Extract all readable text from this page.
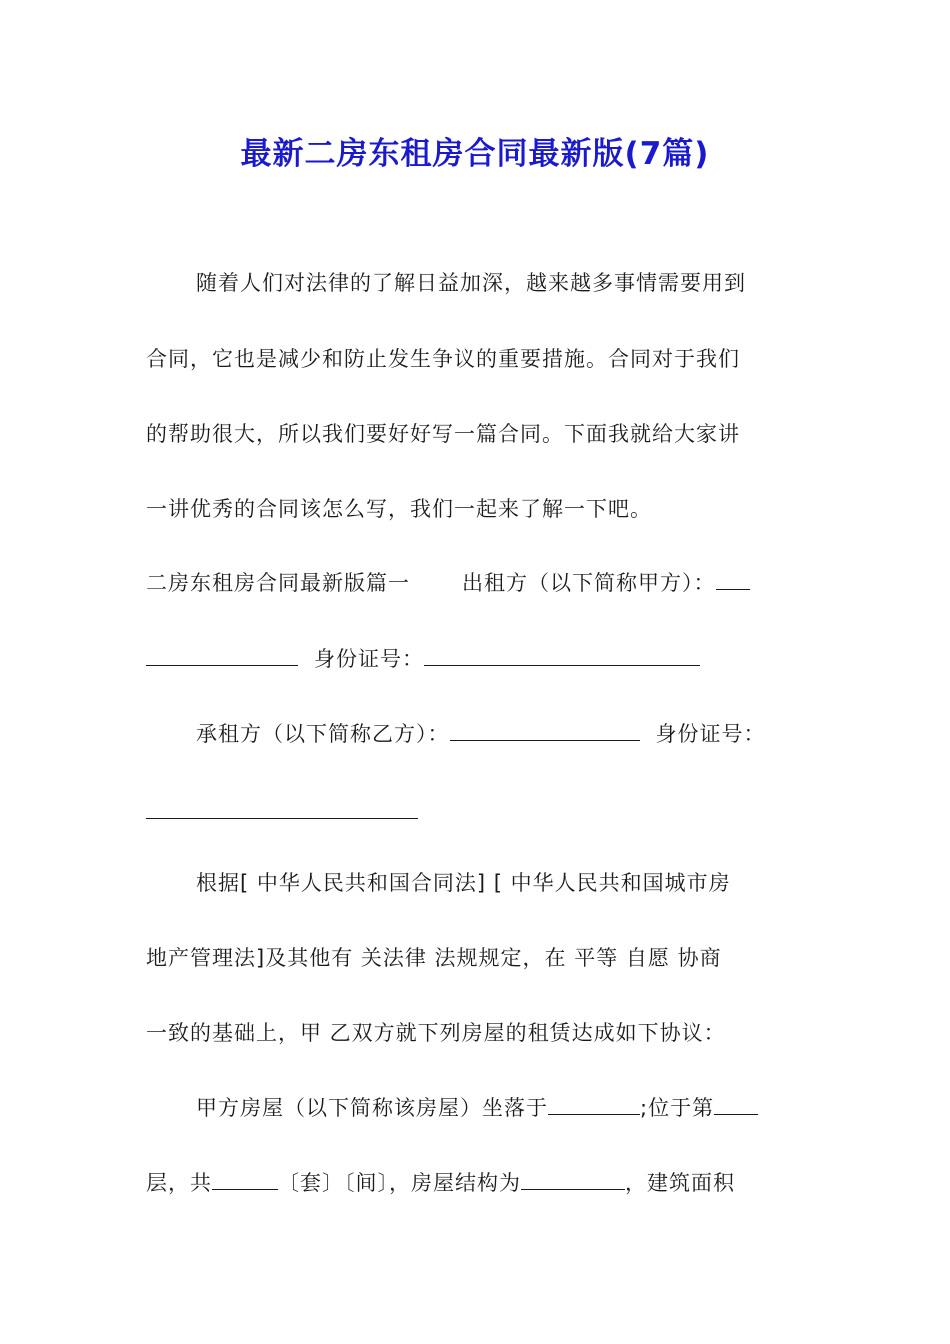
最新二房东租房合同最新版(7篇)
随着人们对法律的了解日益加深，越来越多事情需要用到
合同，它也是减少和防止发生争议的重要措施。合同对于我们
的帮助很大，所以我们要好好写一篇合同。下面我就给大家讲
一讲优秀的合同该怎么写，我们一起来了解一下吧。
二房东租房合同最新版篇一 出租方（以下简称甲方）：
身份证号：
承租方（以下简称乙方）：	身份证号：
根据[ 中华人民共和国合同法] [ 中华人民共和国城市房
地产管理法]及其他有 关法律 法规规定，在 平等 自愿 协商
一致的基础上，甲 乙双方就下列房屋的租赁达成如下协议：
甲方房屋（以下简称该房屋）坐落于	;位于第
层，共	〔套〕〔间〕，房屋结构为	，建筑面积
